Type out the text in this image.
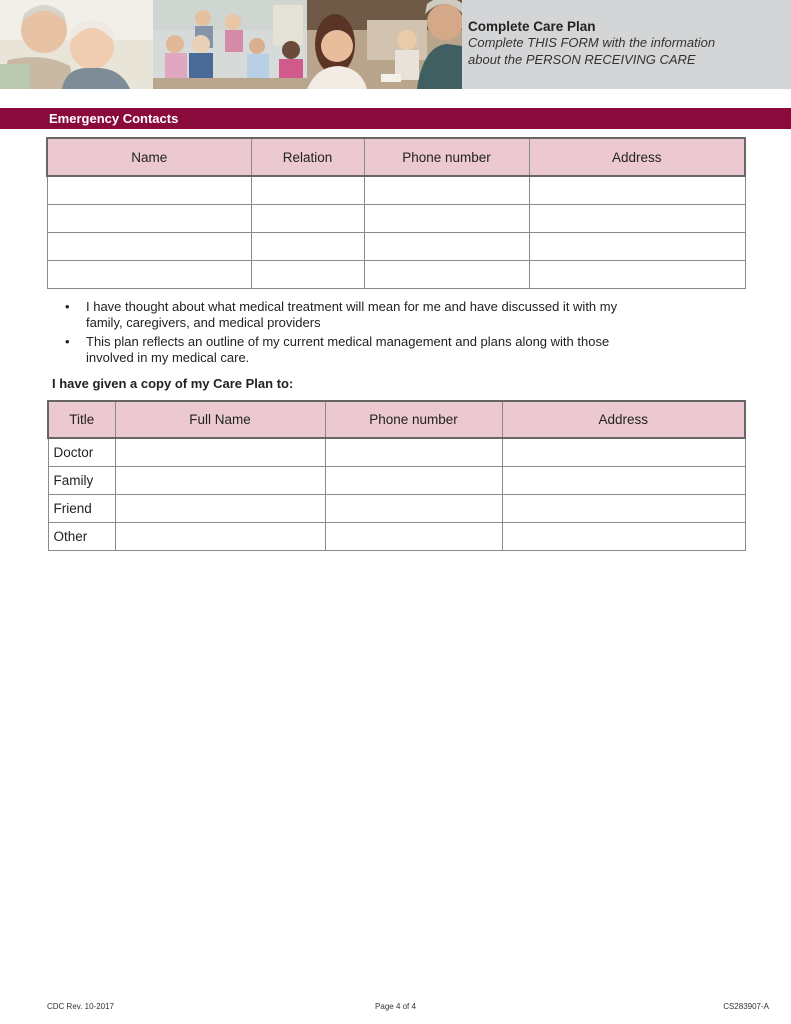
Complete Care Plan
Complete THIS FORM with the information
about the PERSON RECEIVING CARE
Emergency Contacts
Name	Relation	Phone number	Address

• I have thought about what medical treatment will mean for me and have discussed it with my family, caregivers, and medical providers
• This plan reflects an outline of my current medical management and plans along with those involved in my medical care.
I have given a copy of my Care Plan to:
Title	Full Name	Phone number	Address
Doctor			
Family			
Friend			
Other			
CDC Rev. 10-2017	Page 4 of 4	CS283907-A
